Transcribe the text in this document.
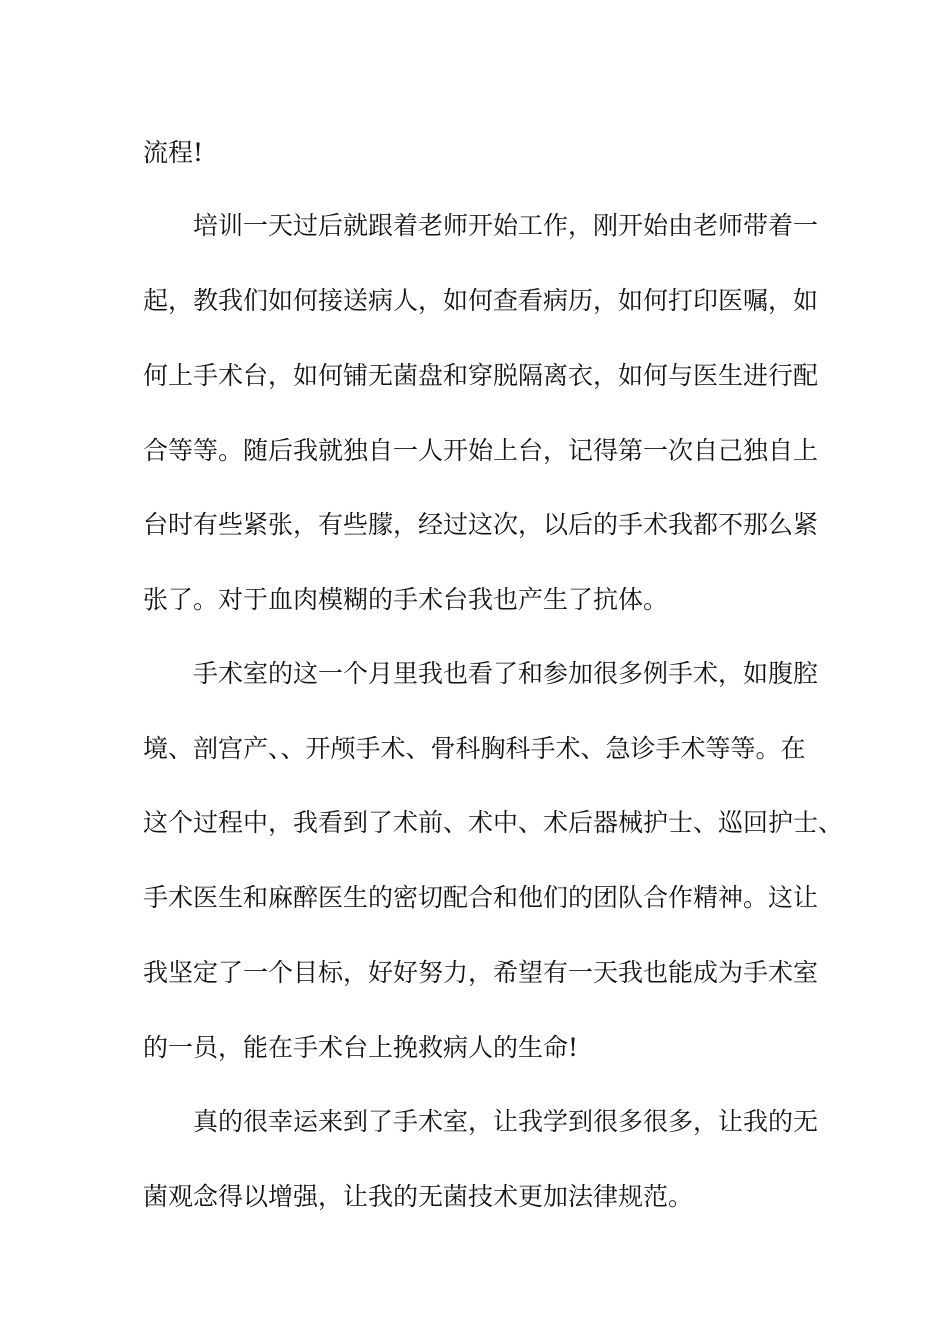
流程!

培训一天过后就跟着老师开始工作，刚开始由老师带着一

起，教我们如何接送病人，如何查看病历，如何打印医嘱，如

何上手术台，如何铺无菌盘和穿脱隔离衣，如何与医生进行配

合等等。随后我就独自一人开始上台，记得第一次自己独自上

台时有些紧张，有些朦，经过这次，以后的手术我都不那么紧

张了。对于血肉模糊的手术台我也产生了抗体。

手术室的这一个月里我也看了和参加很多例手术，如腹腔

境、剖宫产、、开颅手术、骨科胸科手术、急诊手术等等。在

这个过程中，我看到了术前、术中、术后器械护士、巡回护士、

手术医生和麻醉医生的密切配合和他们的团队合作精神。这让

我坚定了一个目标，好好努力，希望有一天我也能成为手术室

的一员，能在手术台上挽救病人的生命!

真的很幸运来到了手术室，让我学到很多很多，让我的无

菌观念得以增强，让我的无菌技术更加法律规范。
